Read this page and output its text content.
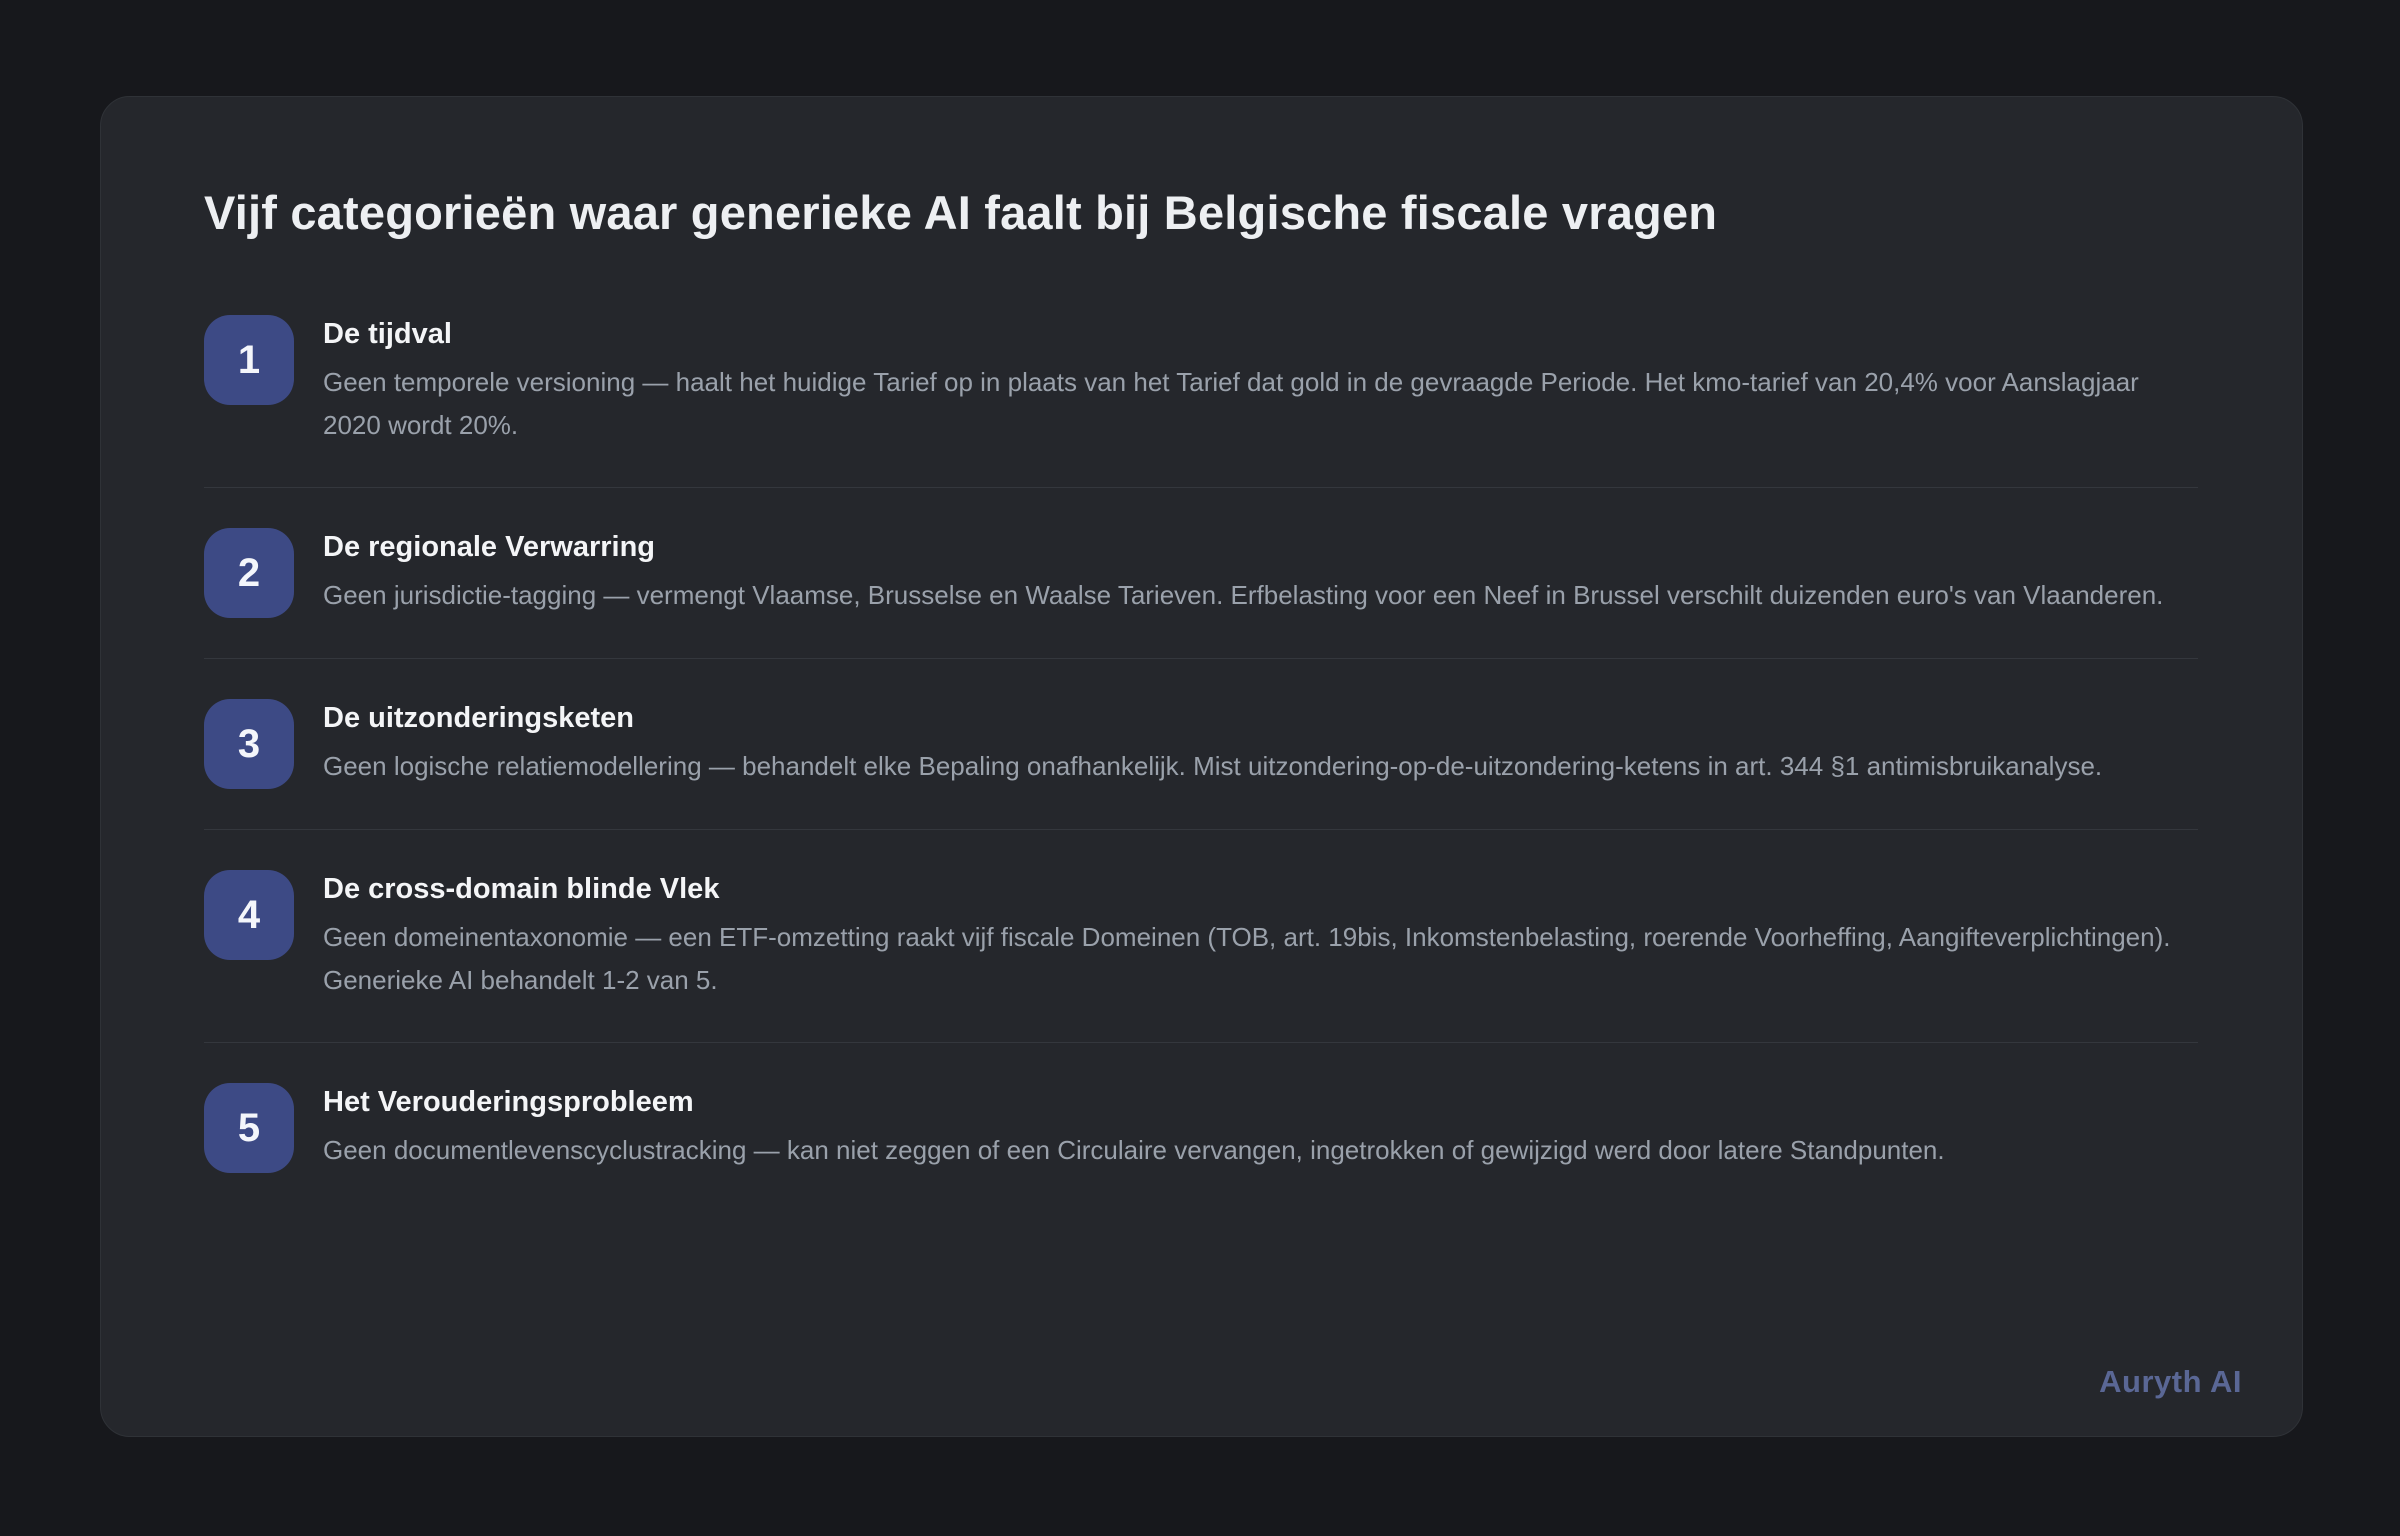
Vijf categorieën waar generieke AI faalt bij Belgische fiscale vragen
1
De tijdval

Geen temporele versioning — haalt het huidige Tarief op in plaats van het Tarief dat gold in de gevraagde Periode. Het kmo-tarief van 20,4% voor Aanslagjaar 2020 wordt 20%.

2
De regionale Verwarring

Geen jurisdictie-tagging — vermengt Vlaamse, Brusselse en Waalse Tarieven. Erfbelasting voor een Neef in Brussel verschilt duizenden euro's van Vlaanderen.

3
De uitzonderingsketen

Geen logische relatiemodellering — behandelt elke Bepaling onafhankelijk. Mist uitzondering-op-de-uitzondering-ketens in art. 344 §1 antimisbruikanalyse.

4
De cross-domain blinde Vlek

Geen domeinentaxonomie — een ETF-omzetting raakt vijf fiscale Domeinen (TOB, art. 19bis, Inkomstenbelasting, roerende Voorheffing, Aangifteverplichtingen). Generieke AI behandelt 1-2 van 5.

5
Het Verouderingsprobleem

Geen documentlevenscyclustracking — kan niet zeggen of een Circulaire vervangen, ingetrokken of gewijzigd werd door latere Standpunten.

Auryth AI
